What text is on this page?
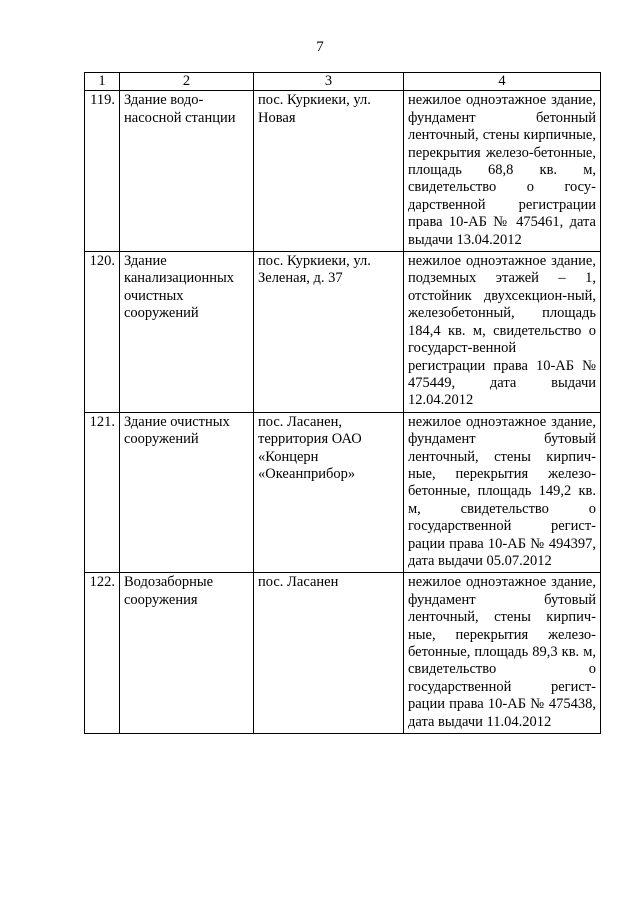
7
1	2	3	4
119.	Здание водо-насосной станции	пос. Куркиеки, ул. Новая	нежилое одноэтажное здание, фундамент бетонный ленточный, стены кирпичные, перекрытия железо-бетонные, площадь 68,8 кв. м, свидетельство о госу-дарственной регистрации права 10-АБ № 475461, дата выдачи 13.04.2012
120.	Здание канализационных очистных сооружений	пос. Куркиеки, ул. Зеленая, д. 37	нежилое одноэтажное здание, подземных этажей – 1, отстойник двухсекцион-ный, железобетонный, площадь 184,4 кв. м, свидетельство о государст-венной регистрации права 10-АБ № 475449, дата выдачи 12.04.2012
121.	Здание очистных сооружений	пос. Ласанен, территория ОАО «Концерн «Океанприбор»	нежилое одноэтажное здание, фундамент бутовый ленточный, стены кирпич-ные, перекрытия железо-бетонные, площадь 149,2 кв. м, свидетельство о государственной регист-рации права 10-АБ № 494397, дата выдачи 05.07.2012
122.	Водозаборные сооружения	пос. Ласанен	нежилое одноэтажное здание, фундамент бутовый ленточный, стены кирпич-ные, перекрытия железо-бетонные, площадь 89,3 кв. м, свидетельство о государственной регист-рации права 10-АБ № 475438, дата выдачи 11.04.2012
